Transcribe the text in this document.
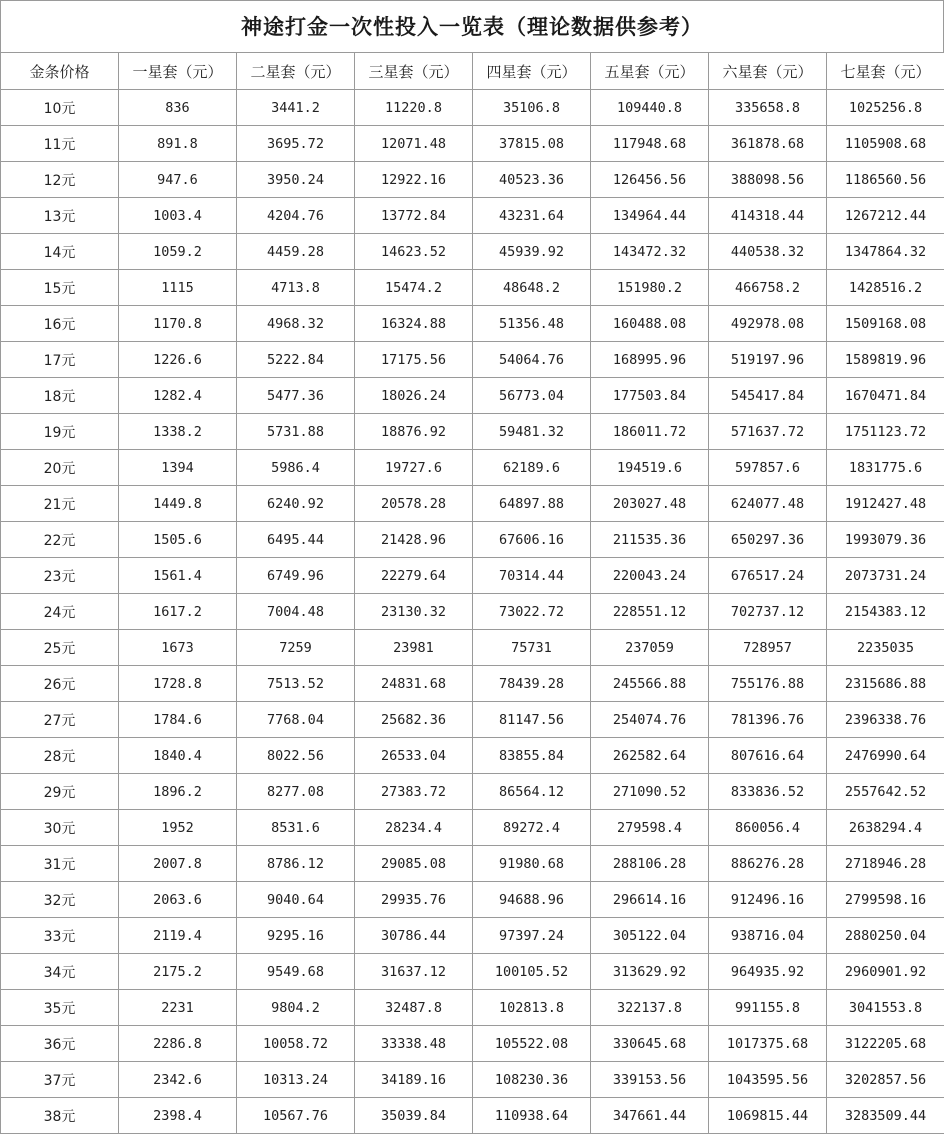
神途打金一次性投入一览表（理论数据供参考）
金条价格	一星套（元）	二星套（元）	三星套（元）	四星套（元）	五星套（元）	六星套（元）	七星套（元）
10元	836	3441.2	11220.8	35106.8	109440.8	335658.8	1025256.8
11元	891.8	3695.72	12071.48	37815.08	117948.68	361878.68	1105908.68
12元	947.6	3950.24	12922.16	40523.36	126456.56	388098.56	1186560.56
13元	1003.4	4204.76	13772.84	43231.64	134964.44	414318.44	1267212.44
14元	1059.2	4459.28	14623.52	45939.92	143472.32	440538.32	1347864.32
15元	1115	4713.8	15474.2	48648.2	151980.2	466758.2	1428516.2
16元	1170.8	4968.32	16324.88	51356.48	160488.08	492978.08	1509168.08
17元	1226.6	5222.84	17175.56	54064.76	168995.96	519197.96	1589819.96
18元	1282.4	5477.36	18026.24	56773.04	177503.84	545417.84	1670471.84
19元	1338.2	5731.88	18876.92	59481.32	186011.72	571637.72	1751123.72
20元	1394	5986.4	19727.6	62189.6	194519.6	597857.6	1831775.6
21元	1449.8	6240.92	20578.28	64897.88	203027.48	624077.48	1912427.48
22元	1505.6	6495.44	21428.96	67606.16	211535.36	650297.36	1993079.36
23元	1561.4	6749.96	22279.64	70314.44	220043.24	676517.24	2073731.24
24元	1617.2	7004.48	23130.32	73022.72	228551.12	702737.12	2154383.12
25元	1673	7259	23981	75731	237059	728957	2235035
26元	1728.8	7513.52	24831.68	78439.28	245566.88	755176.88	2315686.88
27元	1784.6	7768.04	25682.36	81147.56	254074.76	781396.76	2396338.76
28元	1840.4	8022.56	26533.04	83855.84	262582.64	807616.64	2476990.64
29元	1896.2	8277.08	27383.72	86564.12	271090.52	833836.52	2557642.52
30元	1952	8531.6	28234.4	89272.4	279598.4	860056.4	2638294.4
31元	2007.8	8786.12	29085.08	91980.68	288106.28	886276.28	2718946.28
32元	2063.6	9040.64	29935.76	94688.96	296614.16	912496.16	2799598.16
33元	2119.4	9295.16	30786.44	97397.24	305122.04	938716.04	2880250.04
34元	2175.2	9549.68	31637.12	100105.52	313629.92	964935.92	2960901.92
35元	2231	9804.2	32487.8	102813.8	322137.8	991155.8	3041553.8
36元	2286.8	10058.72	33338.48	105522.08	330645.68	1017375.68	3122205.68
37元	2342.6	10313.24	34189.16	108230.36	339153.56	1043595.56	3202857.56
38元	2398.4	10567.76	35039.84	110938.64	347661.44	1069815.44	3283509.44
